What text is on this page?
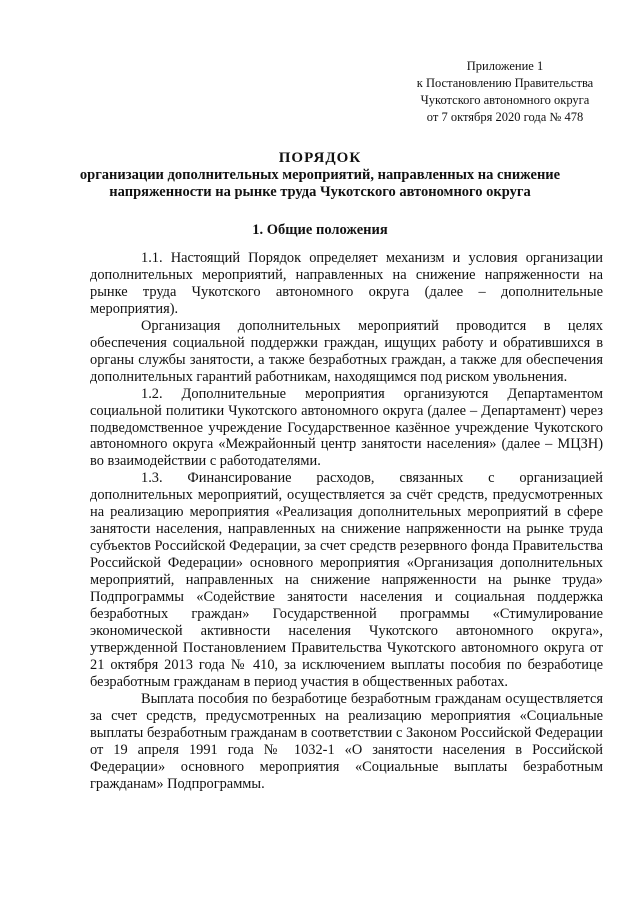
Приложение 1
к Постановлению Правительства
Чукотского автономного округа
от 7 октября 2020 года № 478
ПОРЯДОК
организации дополнительных мероприятий, направленных на снижение
напряженности на рынке труда Чукотского автономного округа
1. Общие положения

1.1. Настоящий Порядок определяет механизм и условия организации дополнительных мероприятий, направленных на снижение напряженности на рынке труда Чукотского автономного округа (далее – дополнительные мероприятия).

Организация дополнительных мероприятий проводится в целях обеспечения социальной поддержки граждан, ищущих работу и обратившихся в органы службы занятости, а также безработных граждан, а также для обеспечения дополнительных гарантий работникам, находящимся под риском увольнения.

1.2. Дополнительные мероприятия организуются Департаментом социальной политики Чукотского автономного округа (далее – Департамент) через подведомственное учреждение Государственное казённое учреждение Чукотского автономного округа «Межрайонный центр занятости населения» (далее – МЦЗН) во взаимодействии с работодателями.

1.3. Финансирование расходов, связанных с организацией дополнительных мероприятий, осуществляется за счёт средств, предусмотренных на реализацию мероприятия «Реализация дополнительных мероприятий в сфере занятости населения, направленных на снижение напряженности на рынке труда субъектов Российской Федерации, за счет средств резервного фонда Правительства Российской Федерации» основного мероприятия «Организация дополнительных мероприятий, направленных на снижение напряженности на рынке труда» Подпрограммы «Содействие занятости населения и социальная поддержка безработных граждан» Государственной программы «Стимулирование экономической активности населения Чукотского автономного округа», утвержденной Постановлением Правительства Чукотского автономного округа от 21 октября 2013 года № 410, за исключением выплаты пособия по безработице безработным гражданам в период участия в общественных работах.

Выплата пособия по безработице безработным гражданам осуществляется за счет средств, предусмотренных на реализацию мероприятия «Социальные выплаты безработным гражданам в соответствии с Законом Российской Федерации от 19 апреля 1991 года № 1032-1 «О занятости населения в Российской Федерации» основного мероприятия «Социальные выплаты безработным гражданам» Подпрограммы.
